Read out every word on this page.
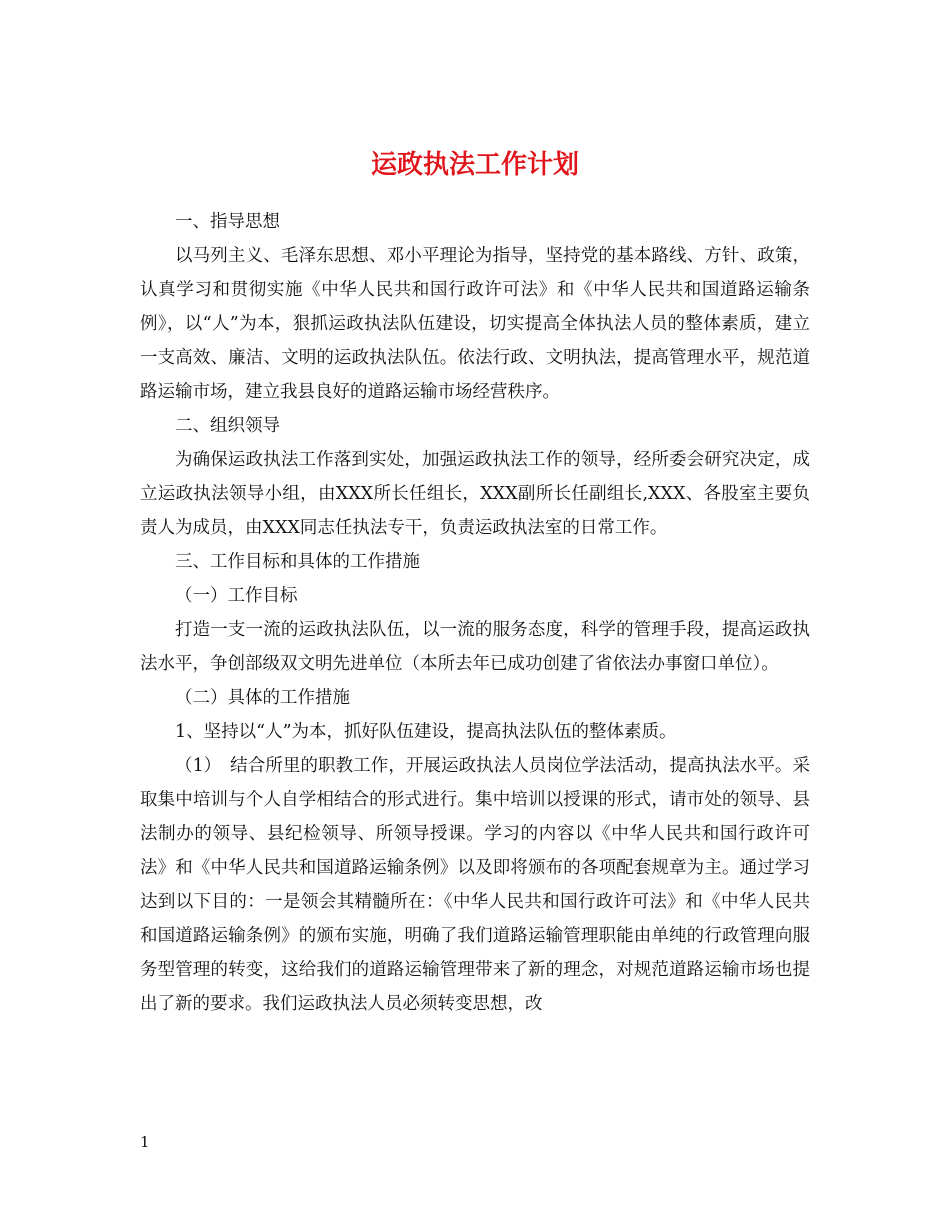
运政执法工作计划

一、指导思想

以马列主义、毛泽东思想、邓小平理论为指导，坚持党的基本路线、方针、政策，认真学习和贯彻实施《中华人民共和国行政许可法》和《中华人民共和国道路运输条例》，以“人”为本，狠抓运政执法队伍建设，切实提高全体执法人员的整体素质，建立一支高效、廉洁、文明的运政执法队伍。依法行政、文明执法，提高管理水平，规范道路运输市场，建立我县良好的道路运输市场经营秩序。

二、组织领导

为确保运政执法工作落到实处，加强运政执法工作的领导，经所委会研究决定，成立运政执法领导小组，由XXX所长任组长，XXX副所长任副组长,XXX、各股室主要负责人为成员，由XXX同志任执法专干，负责运政执法室的日常工作。

三、工作目标和具体的工作措施

（一）工作目标

打造一支一流的运政执法队伍，以一流的服务态度，科学的管理手段，提高运政执法水平，争创部级双文明先进单位（本所去年已成功创建了省依法办事窗口单位）。

（二）具体的工作措施

1、坚持以“人”为本，抓好队伍建设，提高执法队伍的整体素质。

（1）　结合所里的职教工作，开展运政执法人员岗位学法活动，提高执法水平。采取集中培训与个人自学相结合的形式进行。集中培训以授课的形式，请市处的领导、县法制办的领导、县纪检领导、所领导授课。学习的内容以《中华人民共和国行政许可法》和《中华人民共和国道路运输条例》以及即将颁布的各项配套规章为主。通过学习达到以下目的：一是领会其精髓所在：《中华人民共和国行政许可法》和《中华人民共和国道路运输条例》的颁布实施，明确了我们道路运输管理职能由单纯的行政管理向服务型管理的转变，这给我们的道路运输管理带来了新的理念，对规范道路运输市场也提出了新的要求。我们运政执法人员必须转变思想，改

1
